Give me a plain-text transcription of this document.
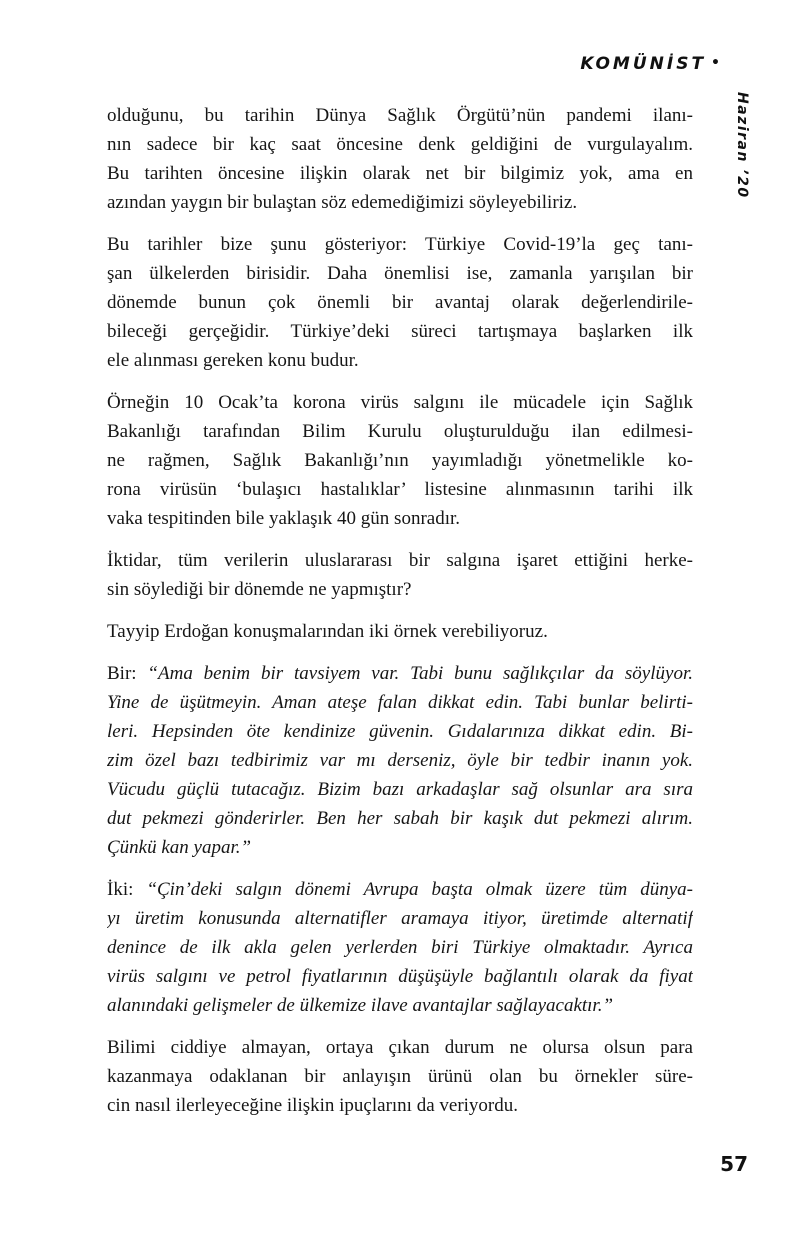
KOMÜNİST •
Haziran ’20
olduğunu, bu tarihin Dünya Sağlık Örgütü’nün pandemi ilanı-
nın sadece bir kaç saat öncesine denk geldiğini de vurgulayalım.
Bu tarihten öncesine ilişkin olarak net bir bilgimiz yok, ama en
azından yaygın bir bulaştan söz edemediğimizi söyleyebiliriz.
Bu tarihler bize şunu gösteriyor: Türkiye Covid-19’la geç tanı-
şan ülkelerden birisidir. Daha önemlisi ise, zamanla yarışılan bir
dönemde bunun çok önemli bir avantaj olarak değerlendirile-
bileceği gerçeğidir. Türkiye’deki süreci tartışmaya başlarken ilk
ele alınması gereken konu budur.
Örneğin 10 Ocak’ta korona virüs salgını ile mücadele için Sağlık
Bakanlığı tarafından Bilim Kurulu oluşturulduğu ilan edilmesi-
ne rağmen, Sağlık Bakanlığı’nın yayımladığı yönetmelikle ko-
rona virüsün ‘bulaşıcı hastalıklar’ listesine alınmasının tarihi ilk
vaka tespitinden bile yaklaşık 40 gün sonradır.
İktidar, tüm verilerin uluslararası bir salgına işaret ettiğini herke-
sin söylediği bir dönemde ne yapmıştır?
Tayyip Erdoğan konuşmalarından iki örnek verebiliyoruz.
Bir: “Ama benim bir tavsiyem var. Tabi bunu sağlıkçılar da söylüyor.
Yine de üşütmeyin. Aman ateşe falan dikkat edin. Tabi bunlar belirti-
leri. Hepsinden öte kendinize güvenin. Gıdalarınıza dikkat edin. Bi-
zim özel bazı tedbirimiz var mı derseniz, öyle bir tedbir inanın yok.
Vücudu güçlü tutacağız. Bizim bazı arkadaşlar sağ olsunlar ara sıra
dut pekmezi gönderirler. Ben her sabah bir kaşık dut pekmezi alırım.
Çünkü kan yapar.”
İki: “Çin’deki salgın dönemi Avrupa başta olmak üzere tüm dünya-
yı üretim konusunda alternatifler aramaya itiyor, üretimde alternatif
denince de ilk akla gelen yerlerden biri Türkiye olmaktadır. Ayrıca
virüs salgını ve petrol fiyatlarının düşüşüyle bağlantılı olarak da fiyat
alanındaki gelişmeler de ülkemize ilave avantajlar sağlayacaktır.”
Bilimi ciddiye almayan, ortaya çıkan durum ne olursa olsun para
kazanmaya odaklanan bir anlayışın ürünü olan bu örnekler süre-
cin nasıl ilerleyeceğine ilişkin ipuçlarını da veriyordu.
57
